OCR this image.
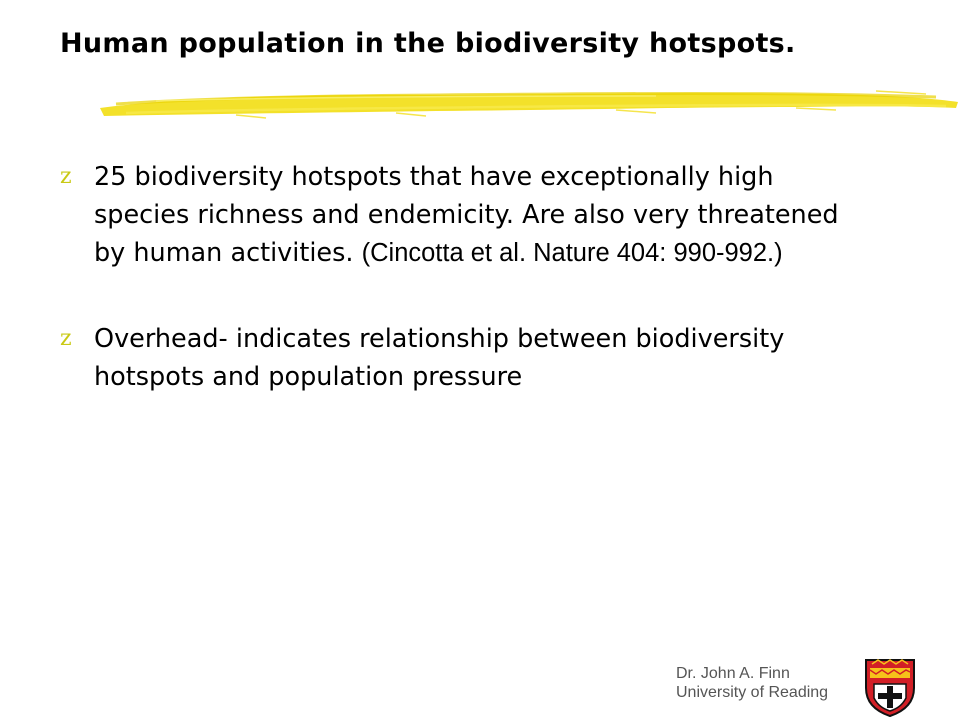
Human population in the biodiversity hotspots.
z 25 biodiversity hotspots that have exceptionally high species richness and endemicity. Are also very threatened by human activities. (Cincotta et al. Nature 404: 990-992.)
z Overhead- indicates relationship between biodiversity hotspots and population pressure
Dr. John A. Finn
University of Reading
